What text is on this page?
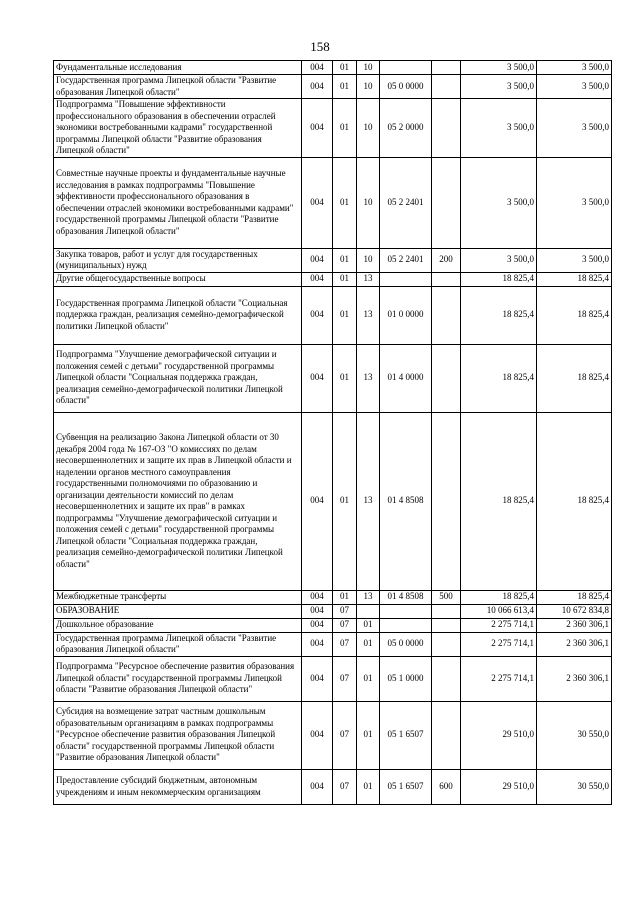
158
Фундаментальные исследования	004	01	10			3 500,0	3 500,0
Государственная программа Липецкой области "Развитие образования Липецкой области"	004	01	10	05 0 0000		3 500,0	3 500,0
Подпрограмма "Повышение эффективности профессионального образования в обеспечении отраслей экономики востребованными кадрами" государственной программы Липецкой области "Развитие образования Липецкой области"	004	01	10	05 2 0000		3 500,0	3 500,0
Совместные научные проекты и фундаментальные научные исследования в рамках подпрограммы "Повышение эффективности профессионального образования в обеспечении отраслей экономики востребованными кадрами" государственной программы Липецкой области "Развитие образования Липецкой области"	004	01	10	05 2 2401		3 500,0	3 500,0
Закупка товаров, работ и услуг для государственных (муниципальных) нужд	004	01	10	05 2 2401	200	3 500,0	3 500,0
Другие общегосударственные вопросы	004	01	13			18 825,4	18 825,4
Государственная программа Липецкой области "Социальная поддержка граждан, реализация семейно-демографической политики Липецкой области"	004	01	13	01 0 0000		18 825,4	18 825,4
Подпрограмма "Улучшение демографической ситуации и положения семей с детьми" государственной программы Липецкой области "Социальная поддержка граждан, реализация семейно-демографической политики Липецкой области"	004	01	13	01 4 0000		18 825,4	18 825,4
Субвенция на реализацию Закона Липецкой области от 30 декабря 2004 года № 167-ОЗ "О комиссиях по делам несовершеннолетних и защите их прав в Липецкой области и наделении органов местного самоуправления государственными полномочиями по образованию и организации деятельности комиссий по делам несовершеннолетних и защите их прав" в рамках подпрограммы "Улучшение демографической ситуации и положения семей с детьми" государственной программы Липецкой области "Социальная поддержка граждан, реализация семейно-демографической политики Липецкой области"	004	01	13	01 4 8508		18 825,4	18 825,4
Межбюджетные трансферты	004	01	13	01 4 8508	500	18 825,4	18 825,4
ОБРАЗОВАНИЕ	004	07				10 066 613,4	10 672 834,8
Дошкольное образование	004	07	01			2 275 714,1	2 360 306,1
Государственная программа Липецкой области "Развитие образования Липецкой области"	004	07	01	05 0 0000		2 275 714,1	2 360 306,1
Подпрограмма "Ресурсное обеспечение развития образования Липецкой области" государственной программы Липецкой области "Развитие образования Липецкой области"	004	07	01	05 1 0000		2 275 714,1	2 360 306,1
Субсидия на возмещение затрат частным дошкольным образовательным организациям в рамках подпрограммы "Ресурсное обеспечение развития образования Липецкой области" государственной программы Липецкой области "Развитие образования Липецкой области"	004	07	01	05 1 6507		29 510,0	30 550,0
Предоставление субсидий бюджетным, автономным учреждениям и иным некоммерческим организациям	004	07	01	05 1 6507	600	29 510,0	30 550,0
